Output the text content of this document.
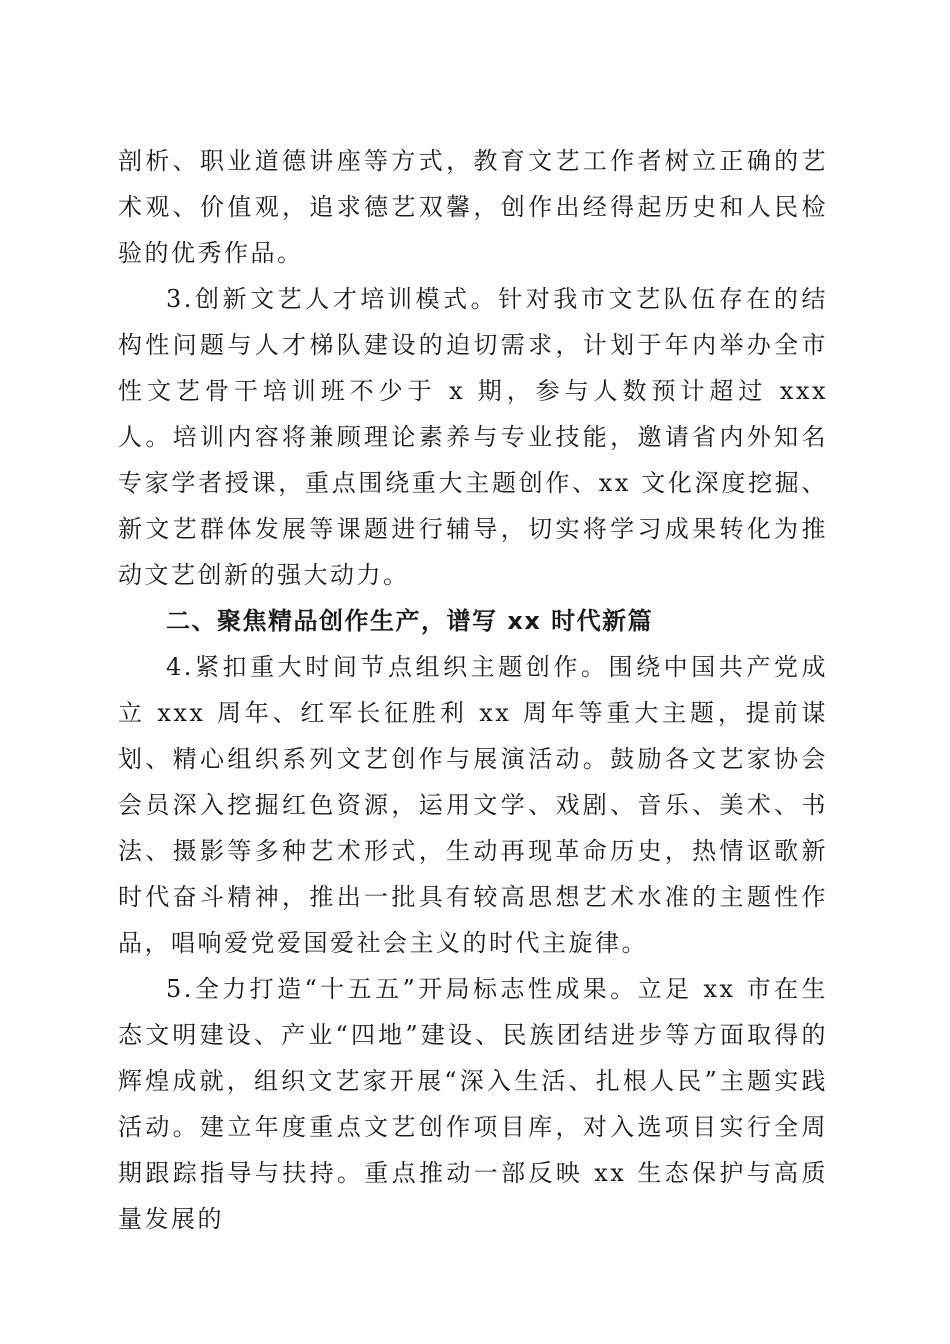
剖析、职业道德讲座等方式，教育文艺工作者树立正确的艺术观、价值观，追求德艺双馨，创作出经得起历史和人民检验的优秀作品。

3.创新文艺人才培训模式。针对我市文艺队伍存在的结构性问题与人才梯队建设的迫切需求，计划于年内举办全市性文艺骨干培训班不少于 x 期，参与人数预计超过 xxx 人。培训内容将兼顾理论素养与专业技能，邀请省内外知名专家学者授课，重点围绕重大主题创作、xx 文化深度挖掘、新文艺群体发展等课题进行辅导，切实将学习成果转化为推动文艺创新的强大动力。

二、聚焦精品创作生产，谱写 xx 时代新篇

4.紧扣重大时间节点组织主题创作。围绕中国共产党成立 xxx 周年、红军长征胜利 xx 周年等重大主题，提前谋划、精心组织系列文艺创作与展演活动。鼓励各文艺家协会会员深入挖掘红色资源，运用文学、戏剧、音乐、美术、书法、摄影等多种艺术形式，生动再现革命历史，热情讴歌新时代奋斗精神，推出一批具有较高思想艺术水准的主题性作品，唱响爱党爱国爱社会主义的时代主旋律。

5.全力打造“十五五”开局标志性成果。立足 xx 市在生态文明建设、产业“四地”建设、民族团结进步等方面取得的辉煌成就，组织文艺家开展“深入生活、扎根人民”主题实践活动。建立年度重点文艺创作项目库，对入选项目实行全周期跟踪指导与扶持。重点推动一部反映 xx 生态保护与高质量发展的
